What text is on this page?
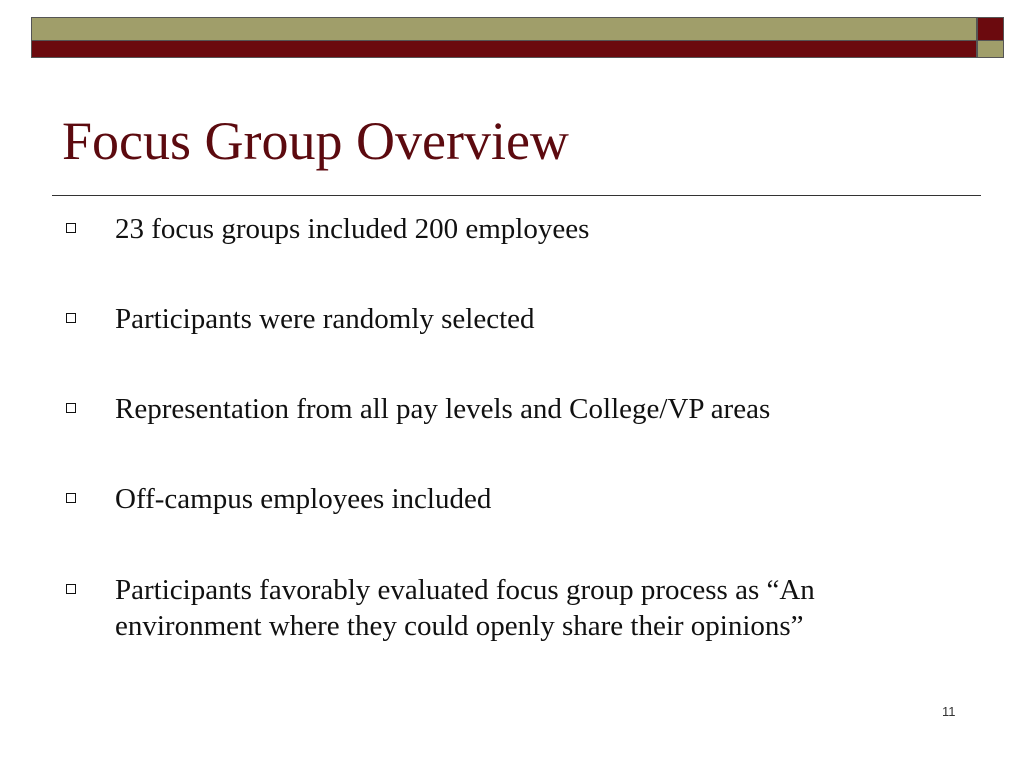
Focus Group Overview
23 focus groups included 200 employees
Participants were randomly selected
Representation from all pay levels and College/VP areas
Off-campus employees included
Participants favorably evaluated focus group process as “An environment where they could openly share their opinions”
11
